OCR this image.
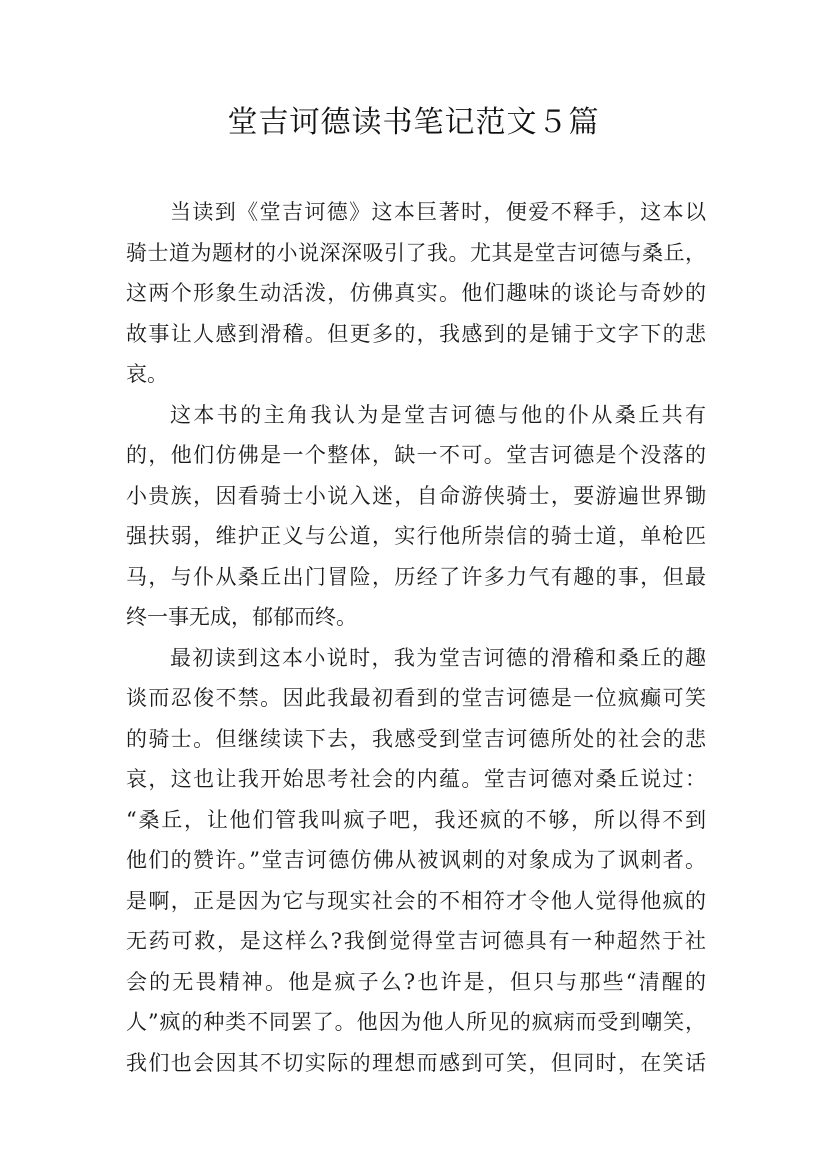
堂吉诃德读书笔记范文５篇
当读到《堂吉诃德》这本巨著时，便爱不释手，这本以
骑士道为题材的小说深深吸引了我。尤其是堂吉诃德与桑丘，
这两个形象生动活泼，仿佛真实。他们趣味的谈论与奇妙的
故事让人感到滑稽。但更多的，我感到的是铺于文字下的悲
哀。
这本书的主角我认为是堂吉诃德与他的仆从桑丘共有
的，他们仿佛是一个整体，缺一不可。堂吉诃德是个没落的
小贵族，因看骑士小说入迷，自命游侠骑士，要游遍世界锄
强扶弱，维护正义与公道，实行他所崇信的骑士道，单枪匹
马，与仆从桑丘出门冒险，历经了许多力气有趣的事，但最
终一事无成，郁郁而终。
最初读到这本小说时，我为堂吉诃德的滑稽和桑丘的趣
谈而忍俊不禁。因此我最初看到的堂吉诃德是一位疯癫可笑
的骑士。但继续读下去，我感受到堂吉诃德所处的社会的悲
哀，这也让我开始思考社会的内蕴。堂吉诃德对桑丘说过：
“桑丘，让他们管我叫疯子吧，我还疯的不够，所以得不到
他们的赞许。”堂吉诃德仿佛从被讽刺的对象成为了讽刺者。
是啊，正是因为它与现实社会的不相符才令他人觉得他疯的
无药可救，是这样么?我倒觉得堂吉诃德具有一种超然于社
会的无畏精神。他是疯子么?也许是，但只与那些“清醒的
人”疯的种类不同罢了。他因为他人所见的疯病而受到嘲笑，
我们也会因其不切实际的理想而感到可笑，但同时，在笑话
